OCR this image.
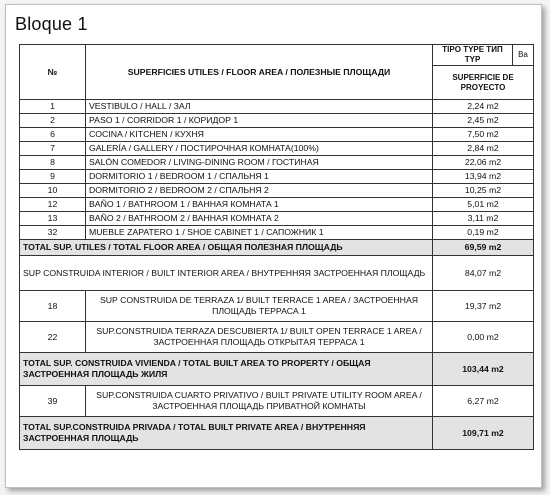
Bloque 1
№	SUPERFICIES UTILES / FLOOR AREA / ПОЛЕЗНЫЕ ПЛОЩАДИ	TIPO TYPE ТИП TYP	Ba

		SUPERFICIE DE PROYECTO	
1	VESTIBULO / HALL / ЗАЛ	2,24 m2	
2	PASO 1 / CORRIDOR 1 / КОРИДОР 1	2,45 m2	
6	COCINA / KITCHEN / КУХНЯ	7,50 m2	
7	GALERÍA / GALLERY / ПОСТИРОЧНАЯ КОМНАТА(100%)	2,84 m2	
8	SALÓN COMEDOR / LIVING-DINING ROOM / ГОСТИНАЯ	22,06 m2	
9	DORMITORIO 1 / BEDROOM 1 / СПАЛЬНЯ 1	13,94 m2	
10	DORMITORIO 2 / BEDROOM 2 / СПАЛЬНЯ 2	10,25 m2	
12	BAÑO 1 / BATHROOM 1 / ВАННАЯ КОМНАТА 1	5,01 m2	
13	BAÑO 2 / BATHROOM 2 / ВАННАЯ КОМНАТА 2	3,11 m2	
32	MUEBLE ZAPATERO 1 / SHOE CABINET 1 / САПОЖНИК 1	0,19 m2	
TOTAL SUP. UTILES / TOTAL FLOOR AREA / ОБЩАЯ ПОЛЕЗНАЯ ПЛОЩАДЬ		69,59 m2	
SUP CONSTRUIDA INTERIOR / BUILT INTERIOR AREA / ВНУТРЕННЯЯ ЗАСТРОЕННАЯ ПЛОЩАДЬ		84,07 m2	
18	SUP CONSTRUIDA DE TERRAZA 1/ BUILT TERRACE 1 AREA / ЗАСТРОЕННАЯ ПЛОЩАДЬ ТЕРРАСА 1	19,37 m2	
22	SUP.CONSTRUIDA TERRAZA DESCUBIERTA 1/ BUILT OPEN TERRACE 1 AREA / ЗАСТРОЕННАЯ ПЛОЩАДЬ ОТКРЫТАЯ ТЕРРАСА 1	0,00 m2	
TOTAL SUP. CONSTRUIDA VIVIENDA / TOTAL BUILT AREA TO PROPERTY / ОБЩАЯ ЗАСТРОЕННАЯ ПЛОЩАДЬ ЖИЛЯ		103,44 m2	
39	SUP.CONSTRUIDA CUARTO PRIVATIVO / BUILT PRIVATE UTILITY ROOM AREA / ЗАСТРОЕННАЯ ПЛОЩАДЬ ПРИВАТНОЙ КОМНАТЫ	6,27 m2	
TOTAL SUP.CONSTRUIDA PRIVADA / TOTAL BUILT PRIVATE AREA / ВНУТРЕННЯЯ ЗАСТРОЕННАЯ ПЛОЩАДЬ		109,71 m2	
